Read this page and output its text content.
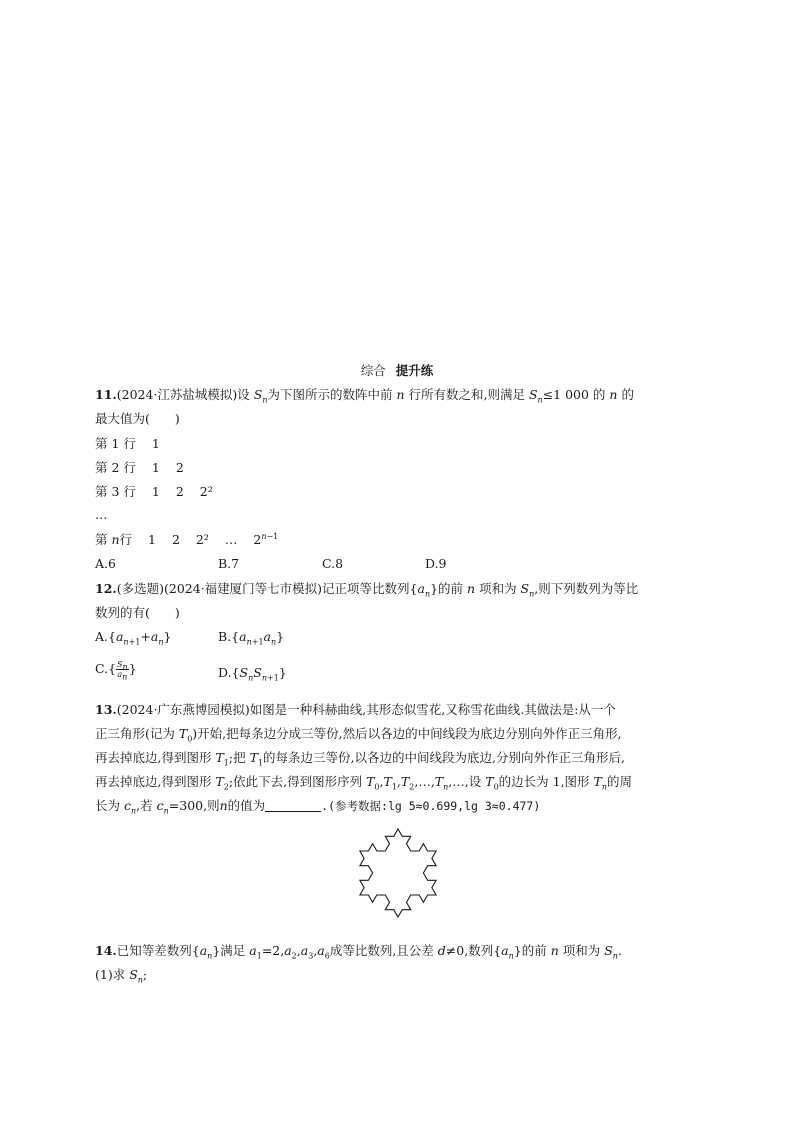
综合 提升练
11.(2024·江苏盐城模拟)设 $S_n$为下图所示的数阵中前 n 行所有数之和,则满足 $S_n\le 1$ 000 的 n 的
最大值为(　　)
第 1 行 1
第 2 行 1 2
第 3 行 1 2 2²
…
第 n行 1 2 2² … $2^{n-1}$
A.6	B.7	C.8	D.9
12.(多选题)(2024·福建厦门等七市模拟)记正项等比数列$\{a_n\}$的前 n 项和为 $S_n$,则下列数列为等比
数列的有(　　)
$A.\{a_{n+1}+a_n\}$	$B.\{a_{n+1}a_n\}$
$C.\{ \frac{S_n}{a_n}$ }	$D.\{S_nS_{n+1}\}$
13.(2024·广东燕博园模拟)如图是一种科赫曲线,其形态似雪花,又称雪花曲线.其做法是:从一个
正三角形(记为 $T_0$)开始,把每条边分成三等份,然后以各边的中间线段为底边分别向外作正三角形,
再去掉底边,得到图形 $T_1$;把 $T_1$的每条边三等份,以各边的中间线段为底边,分别向外作正三角形后,
再去掉底边,得到图形 $T_2$;依此下去,得到图形序列 $T_0,T_1,T_2,\dots,T_n,\dots$,设 $T_0$的边长为 1,图形 $T_n$的周
长为 $c_n$,若 $c_n=300$,则n的值为	.(参考数据:lg 5≈0.699,lg 3≈0.477)
14.已知等差数列$\{a_n\}$满足 $a_1=2,a_2,a_3,a_6$成等比数列,且公差 d≠0,数列$\{a_n\}$的前 n 项和为 $S_n$.
(1)求 $S_n$;
